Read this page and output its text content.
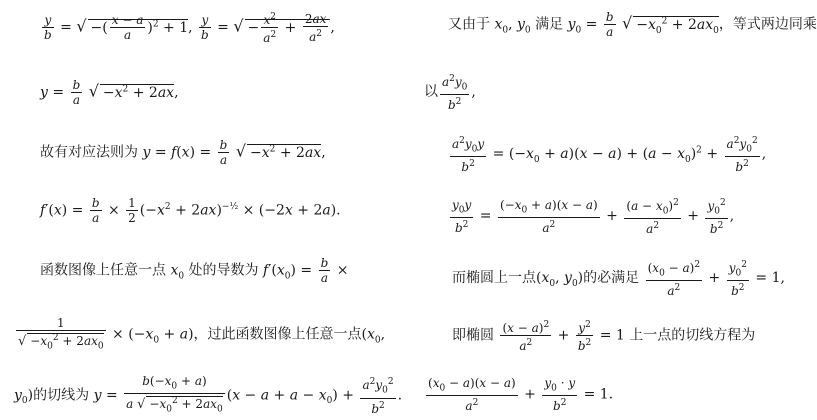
$\frac{y}{b}$ = √ −( $\frac{x - a}{a} )^2 + 1$, $\frac{y}{b}$ = √ − $\frac{x^2}{a^2} + \frac{2ax}{a^2}$ ,
$y = \frac{b}{a}$ √ $-x^2 + 2ax$,
故有对应法则为 $y = f(x) = \frac{b}{a}$ √ $-x^2 + 2ax$,
$f'(x) = \frac{b}{a} \times \frac{1}{2} (-x^2 + 2ax)^{-\frac{1}{2}} \times (-2x + 2a)$.
函数图像上任意一点 $x_0$ 处的导数为 $f'(x_0) = \frac{b}{a}$ ×
$\frac{1}{√ -x_0^2 + 2ax_0} \times (-x_0 + a)$，过此函数图像上任意一点($x_0$,
$y_0$)的切线为 $y = \frac{b(-x_0 + a)}{a √ -x_0^2 + 2ax_0} (x - a + a - x_0) + \frac{a^2y_0^2}{b^2}$ .
又由于 $x_0$, $y_0$ 满足 $y_0 = \frac{b}{a}$ √ $-x_0^2 + 2ax_0$，等式两边同乘
以 $\frac{a^2y_0}{b^2}$ ,
$\frac{a^2y_0y}{b^2} = (-x_0 + a)(x - a) + (a - x_0)^2 + \frac{a^2y_0^2}{b^2}$ ,
$\frac{y_0y}{b^2} = \frac{(-x_0 + a)(x - a)}{a^2} + \frac{(a - x_0)^2}{a^2} + \frac{y_0^2}{b^2}$ ,
而椭圆上一点($x_0$, $y_0$)的必满足 $\frac{(x_0 - a)^2}{a^2} + \frac{y_0^2}{b^2} = 1$,
即椭圆 $\frac{(x - a)^2}{a^2} + \frac{y^2}{b^2} = 1$ 上一点的切线方程为
$\frac{(x_0 - a)(x - a)}{a^2} + \frac{y_0 \cdot y}{b^2} = 1$.
